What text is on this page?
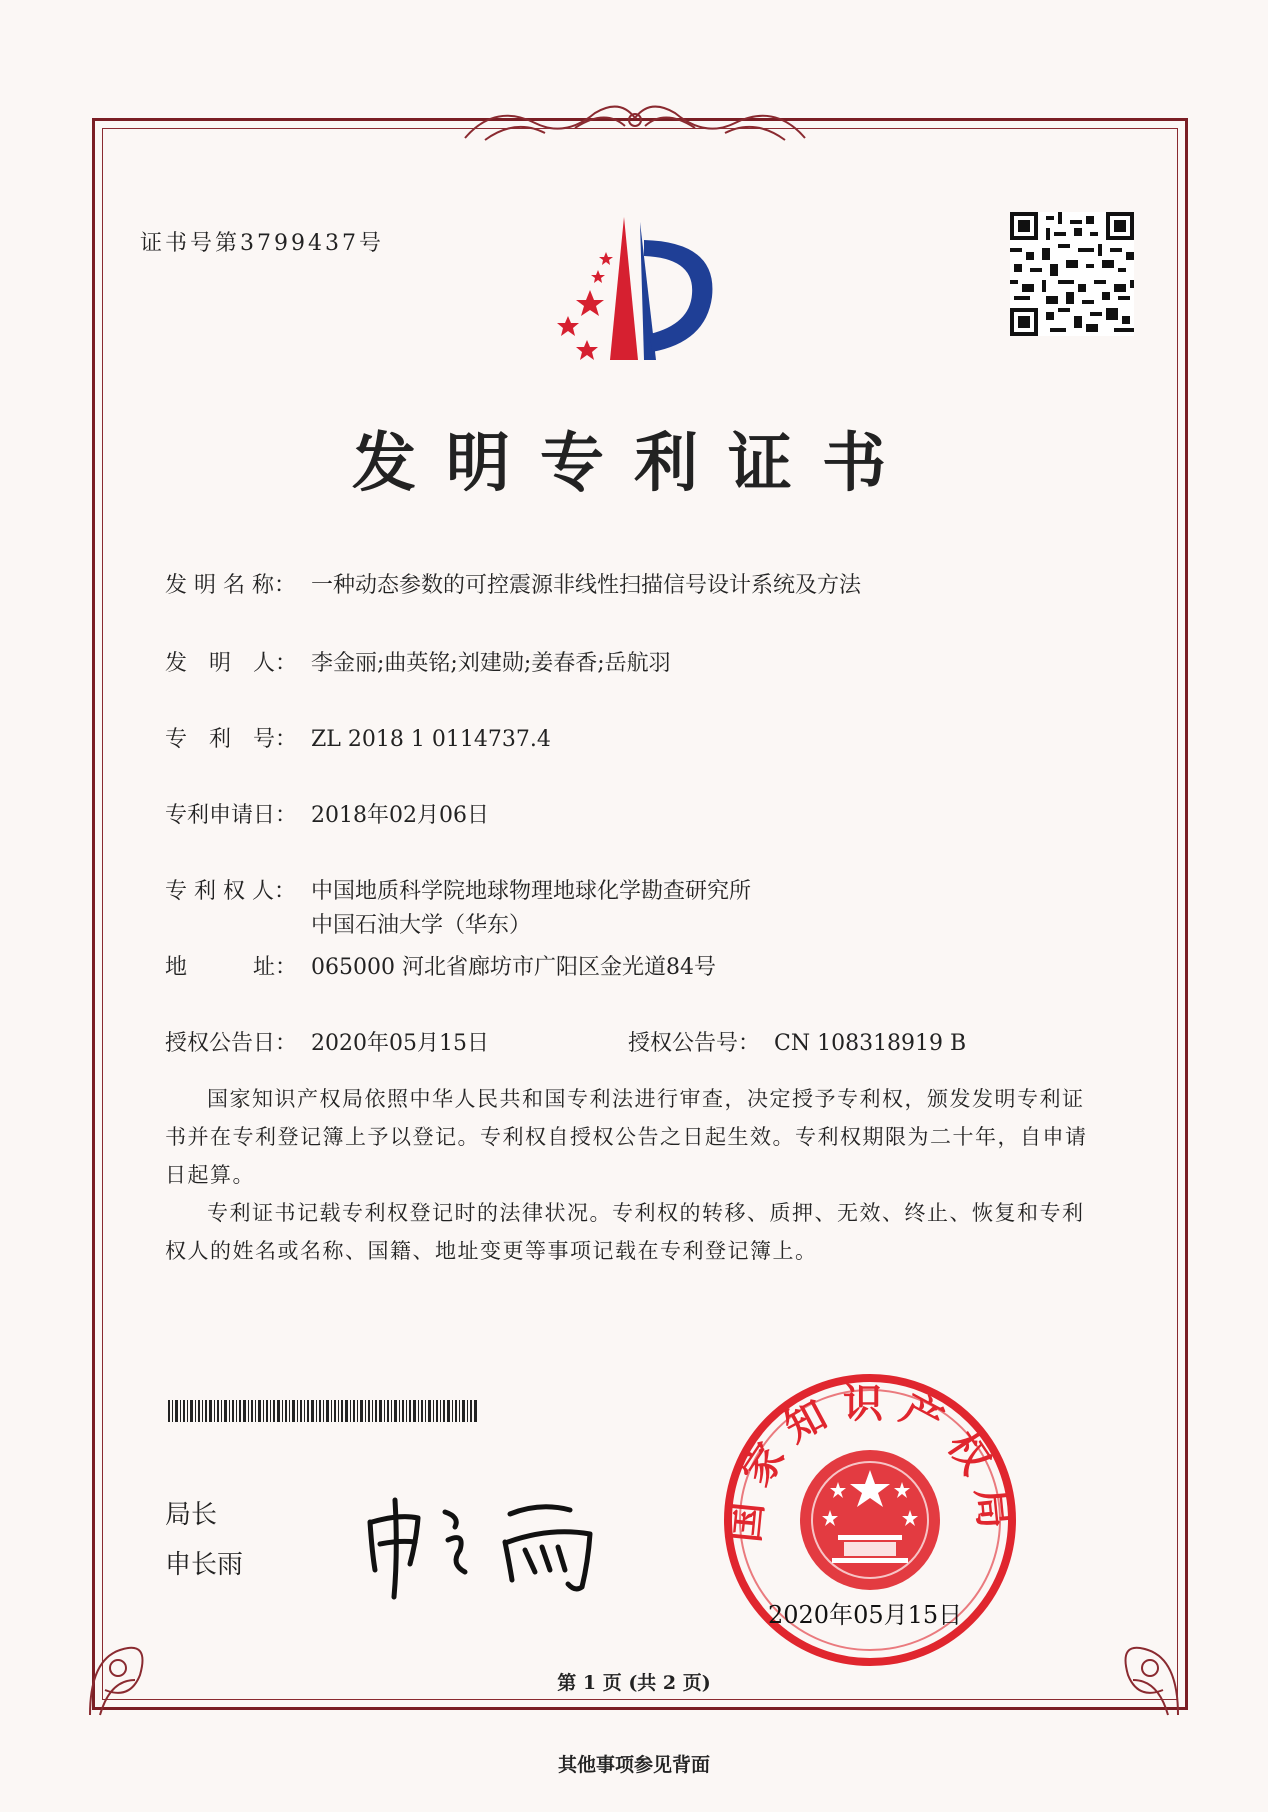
证书号第3799437号
发明专利证书
发 明 名 称： 一种动态参数的可控震源非线性扫描信号设计系统及方法
发　明　人： 李金丽;曲英铭;刘建勋;姜春香;岳航羽
专　利　号： ZL 2018 1 0114737.4
专利申请日： 2018年02月06日
专 利 权 人： 中国地质科学院地球物理地球化学勘查研究所
中国石油大学（华东）
地　　　址： 065000 河北省廊坊市广阳区金光道84号
授权公告日： 2020年05月15日	授权公告号： CN 108318919 B

国家知识产权局依照中华人民共和国专利法进行审查，决定授予专利权，颁发发明专利证书并在专利登记簿上予以登记。专利权自授权公告之日起生效。专利权期限为二十年，自申请日起算。

专利证书记载专利权登记时的法律状况。专利权的转移、质押、无效、终止、恢复和专利权人的姓名或名称、国籍、地址变更等事项记载在专利登记簿上。

局长
申长雨
国家知识产权局
2020年05月15日
第 1 页 (共 2 页)
其他事项参见背面
